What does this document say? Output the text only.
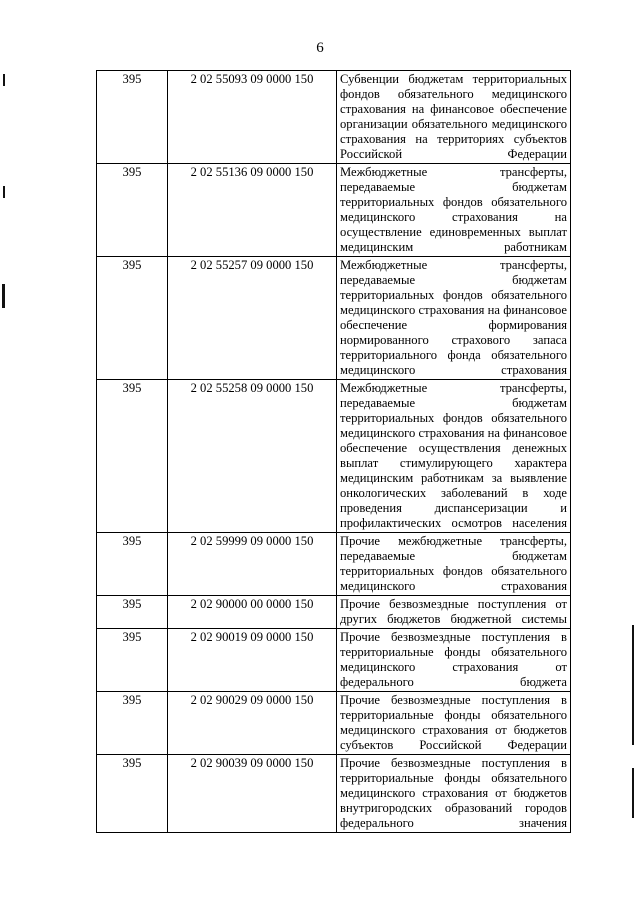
6
395	2 02 55093 09 0000 150	Субвенции бюджетам территориальных фондов обязательного медицинского страхования на финансовое обеспечение организации обязательного медицинского страхования на территориях субъектов Российской Федерации
395	2 02 55136 09 0000 150	Межбюджетные трансферты, передаваемые бюджетам территориальных фондов обязательного медицинского страхования на осуществление единовременных выплат медицинским работникам
395	2 02 55257 09 0000 150	Межбюджетные трансферты, передаваемые бюджетам территориальных фондов обязательного медицинского страхования на финансовое обеспечение формирования нормированного страхового запаса территориального фонда обязательного медицинского страхования
395	2 02 55258 09 0000 150	Межбюджетные трансферты, передаваемые бюджетам территориальных фондов обязательного медицинского страхования на финансовое обеспечение осуществления денежных выплат стимулирующего характера медицинским работникам за выявление онкологических заболеваний в ходе проведения диспансеризации и профилактических осмотров населения
395	2 02 59999 09 0000 150	Прочие межбюджетные трансферты, передаваемые бюджетам территориальных фондов обязательного медицинского страхования
395	2 02 90000 00 0000 150	Прочие безвозмездные поступления от других бюджетов бюджетной системы
395	2 02 90019 09 0000 150	Прочие безвозмездные поступления в территориальные фонды обязательного медицинского страхования от федерального бюджета
395	2 02 90029 09 0000 150	Прочие безвозмездные поступления в территориальные фонды обязательного медицинского страхования от бюджетов субъектов Российской Федерации
395	2 02 90039 09 0000 150	Прочие безвозмездные поступления в территориальные фонды обязательного медицинского страхования от бюджетов внутригородских образований городов федерального значения
